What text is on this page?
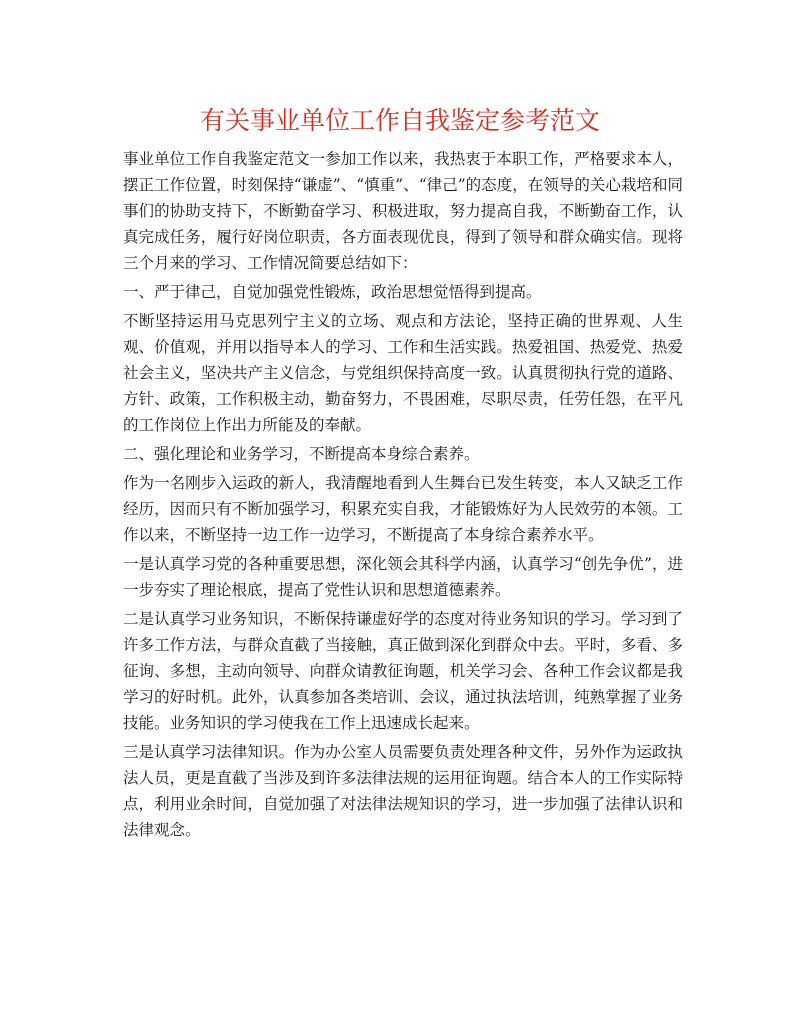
有关事业单位工作自我鉴定参考范文

事业单位工作自我鉴定范文一参加工作以来，我热衷于本职工作，严格要求本人，摆正工作位置，时刻保持“谦虚”、“慎重”、“律己”的态度，在领导的关心栽培和同事们的协助支持下，不断勤奋学习、积极进取，努力提高自我，不断勤奋工作，认真完成任务，履行好岗位职责，各方面表现优良，得到了领导和群众确实信。现将三个月来的学习、工作情况简要总结如下：

一、严于律己，自觉加强党性锻炼，政治思想觉悟得到提高。

不断坚持运用马克思列宁主义的立场、观点和方法论，坚持正确的世界观、人生观、价值观，并用以指导本人的学习、工作和生活实践。热爱祖国、热爱党、热爱社会主义，坚决共产主义信念，与党组织保持高度一致。认真贯彻执行党的道路、方针、政策，工作积极主动，勤奋努力，不畏困难，尽职尽责，任劳任怨，在平凡的工作岗位上作出力所能及的奉献。

二、强化理论和业务学习，不断提高本身综合素养。

作为一名刚步入运政的新人，我清醒地看到人生舞台已发生转变，本人又缺乏工作经历，因而只有不断加强学习，积累充实自我，才能锻炼好为人民效劳的本领。工作以来，不断坚持一边工作一边学习，不断提高了本身综合素养水平。

一是认真学习党的各种重要思想，深化领会其科学内涵，认真学习“创先争优”，进一步夯实了理论根底，提高了党性认识和思想道德素养。

二是认真学习业务知识，不断保持谦虚好学的态度对待业务知识的学习。学习到了许多工作方法，与群众直截了当接触，真正做到深化到群众中去。平时，多看、多征询、多想，主动向领导、向群众请教征询题，机关学习会、各种工作会议都是我学习的好时机。此外，认真参加各类培训、会议，通过执法培训，纯熟掌握了业务技能。业务知识的学习使我在工作上迅速成长起来。

三是认真学习法律知识。作为办公室人员需要负责处理各种文件，另外作为运政执法人员，更是直截了当涉及到许多法律法规的运用征询题。结合本人的工作实际特点，利用业余时间，自觉加强了对法律法规知识的学习，进一步加强了法律认识和法律观念。
